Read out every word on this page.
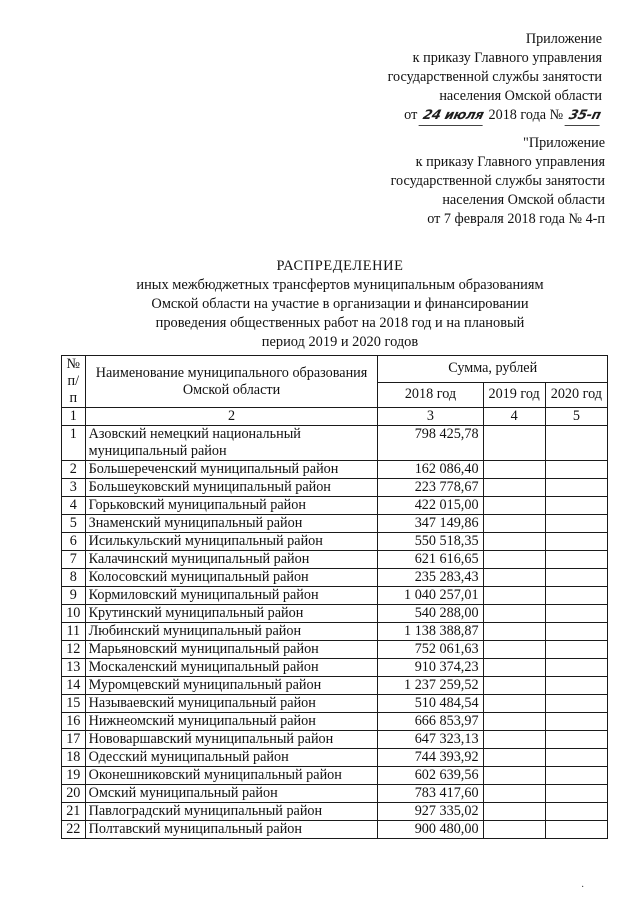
Приложение
к приказу Главного управления
государственной службы занятости
населения Омской области
от 24 июля 2018 года № 35-п
"Приложение
к приказу Главного управления
государственной службы занятости
населения Омской области
от 7 февраля 2018 года № 4-п
РАСПРЕДЕЛЕНИЕ
иных межбюджетных трансфертов муниципальным образованиям
Омской области на участие в организации и финансировании
проведения общественных работ на 2018 год и на плановый
период 2019 и 2020 годов
№ п/п	Наименование муниципального образования Омской области	Сумма, рублей		
		2018 год	2019 год	2020 год
1	2	3	4	5
1	Азовский немецкий национальный муниципальный район	798 425,78		
2	Большереченский муниципальный район	162 086,40		
3	Большеуковский муниципальный район	223 778,67		
4	Горьковский муниципальный район	422 015,00		
5	Знаменский муниципальный район	347 149,86		
6	Исилькульский муниципальный район	550 518,35		
7	Калачинский муниципальный район	621 616,65		
8	Колосовский муниципальный район	235 283,43		
9	Кормиловский муниципальный район	1 040 257,01		
10	Крутинский муниципальный район	540 288,00		
11	Любинский муниципальный район	1 138 388,87		
12	Марьяновский муниципальный район	752 061,63		
13	Москаленский муниципальный район	910 374,23		
14	Муромцевский муниципальный район	1 237 259,52		
15	Называевский муниципальный район	510 484,54		
16	Нижнеомский муниципальный район	666 853,97		
17	Нововаршавский муниципальный район	647 323,13		
18	Одесский муниципальный район	744 393,92		
19	Оконешниковский муниципальный район	602 639,56		
20	Омский муниципальный район	783 417,60		
21	Павлоградский муниципальный район	927 335,02		
22	Полтавский муниципальный район	900 480,00		
·
